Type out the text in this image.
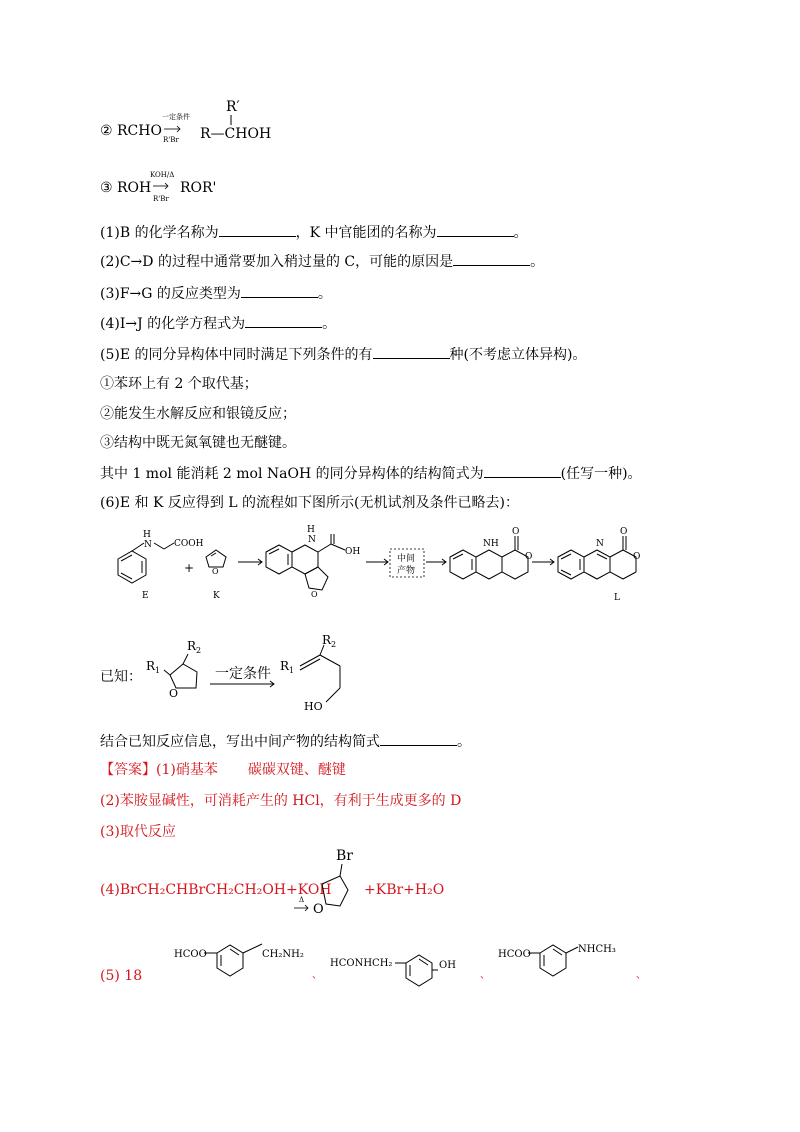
② RCHO
一定条件
R'Br
R′
R—CHOH
③ ROH
KOH/Δ
R'Br
ROR'
(1)B 的化学名称为	，K 中官能团的名称为	。
(2)C→D 的过程中通常要加入稍过量的 C，可能的原因是	。
(3)F→G 的反应类型为	。
(4)I→J 的化学方程式为	。
(5)E 的同分异构体中同时满足下列条件的有	种(不考虑立体异构)。
①苯环上有 2 个取代基；
②能发生水解反应和银镜反应；
③结构中既无氮氧键也无醚键。
其中 1 mol 能消耗 2 mol NaOH 的同分异构体的结构简式为	(任写一种)。
(6)E 和 K 反应得到 L 的流程如下图所示(无机试剂及条件已略去)：
H
N COOH
E
+ O
K
N
H
OH
O
中间
产物
NH
O
O
N
O
O
L
已知：
$R_1$
$R_2$
O
一定条件 $R_1$
$R_2$
HO
结合已知反应信息，写出中间产物的结构简式	。
【答案】(1)硝基苯 碳碳双键、醚键
(2)苯胺显碱性，可消耗产生的 HCl，有利于生成更多的 D
(3)取代反应
(4)BrCH₂CHBrCH₂CH₂OH+KOH
Br
O
Δ
+KBr+H₂O
(5) 18
HCOO	CH₂NH₂
、
HCONHCH₂	OH
、
HCOO	NHCH₃
、
